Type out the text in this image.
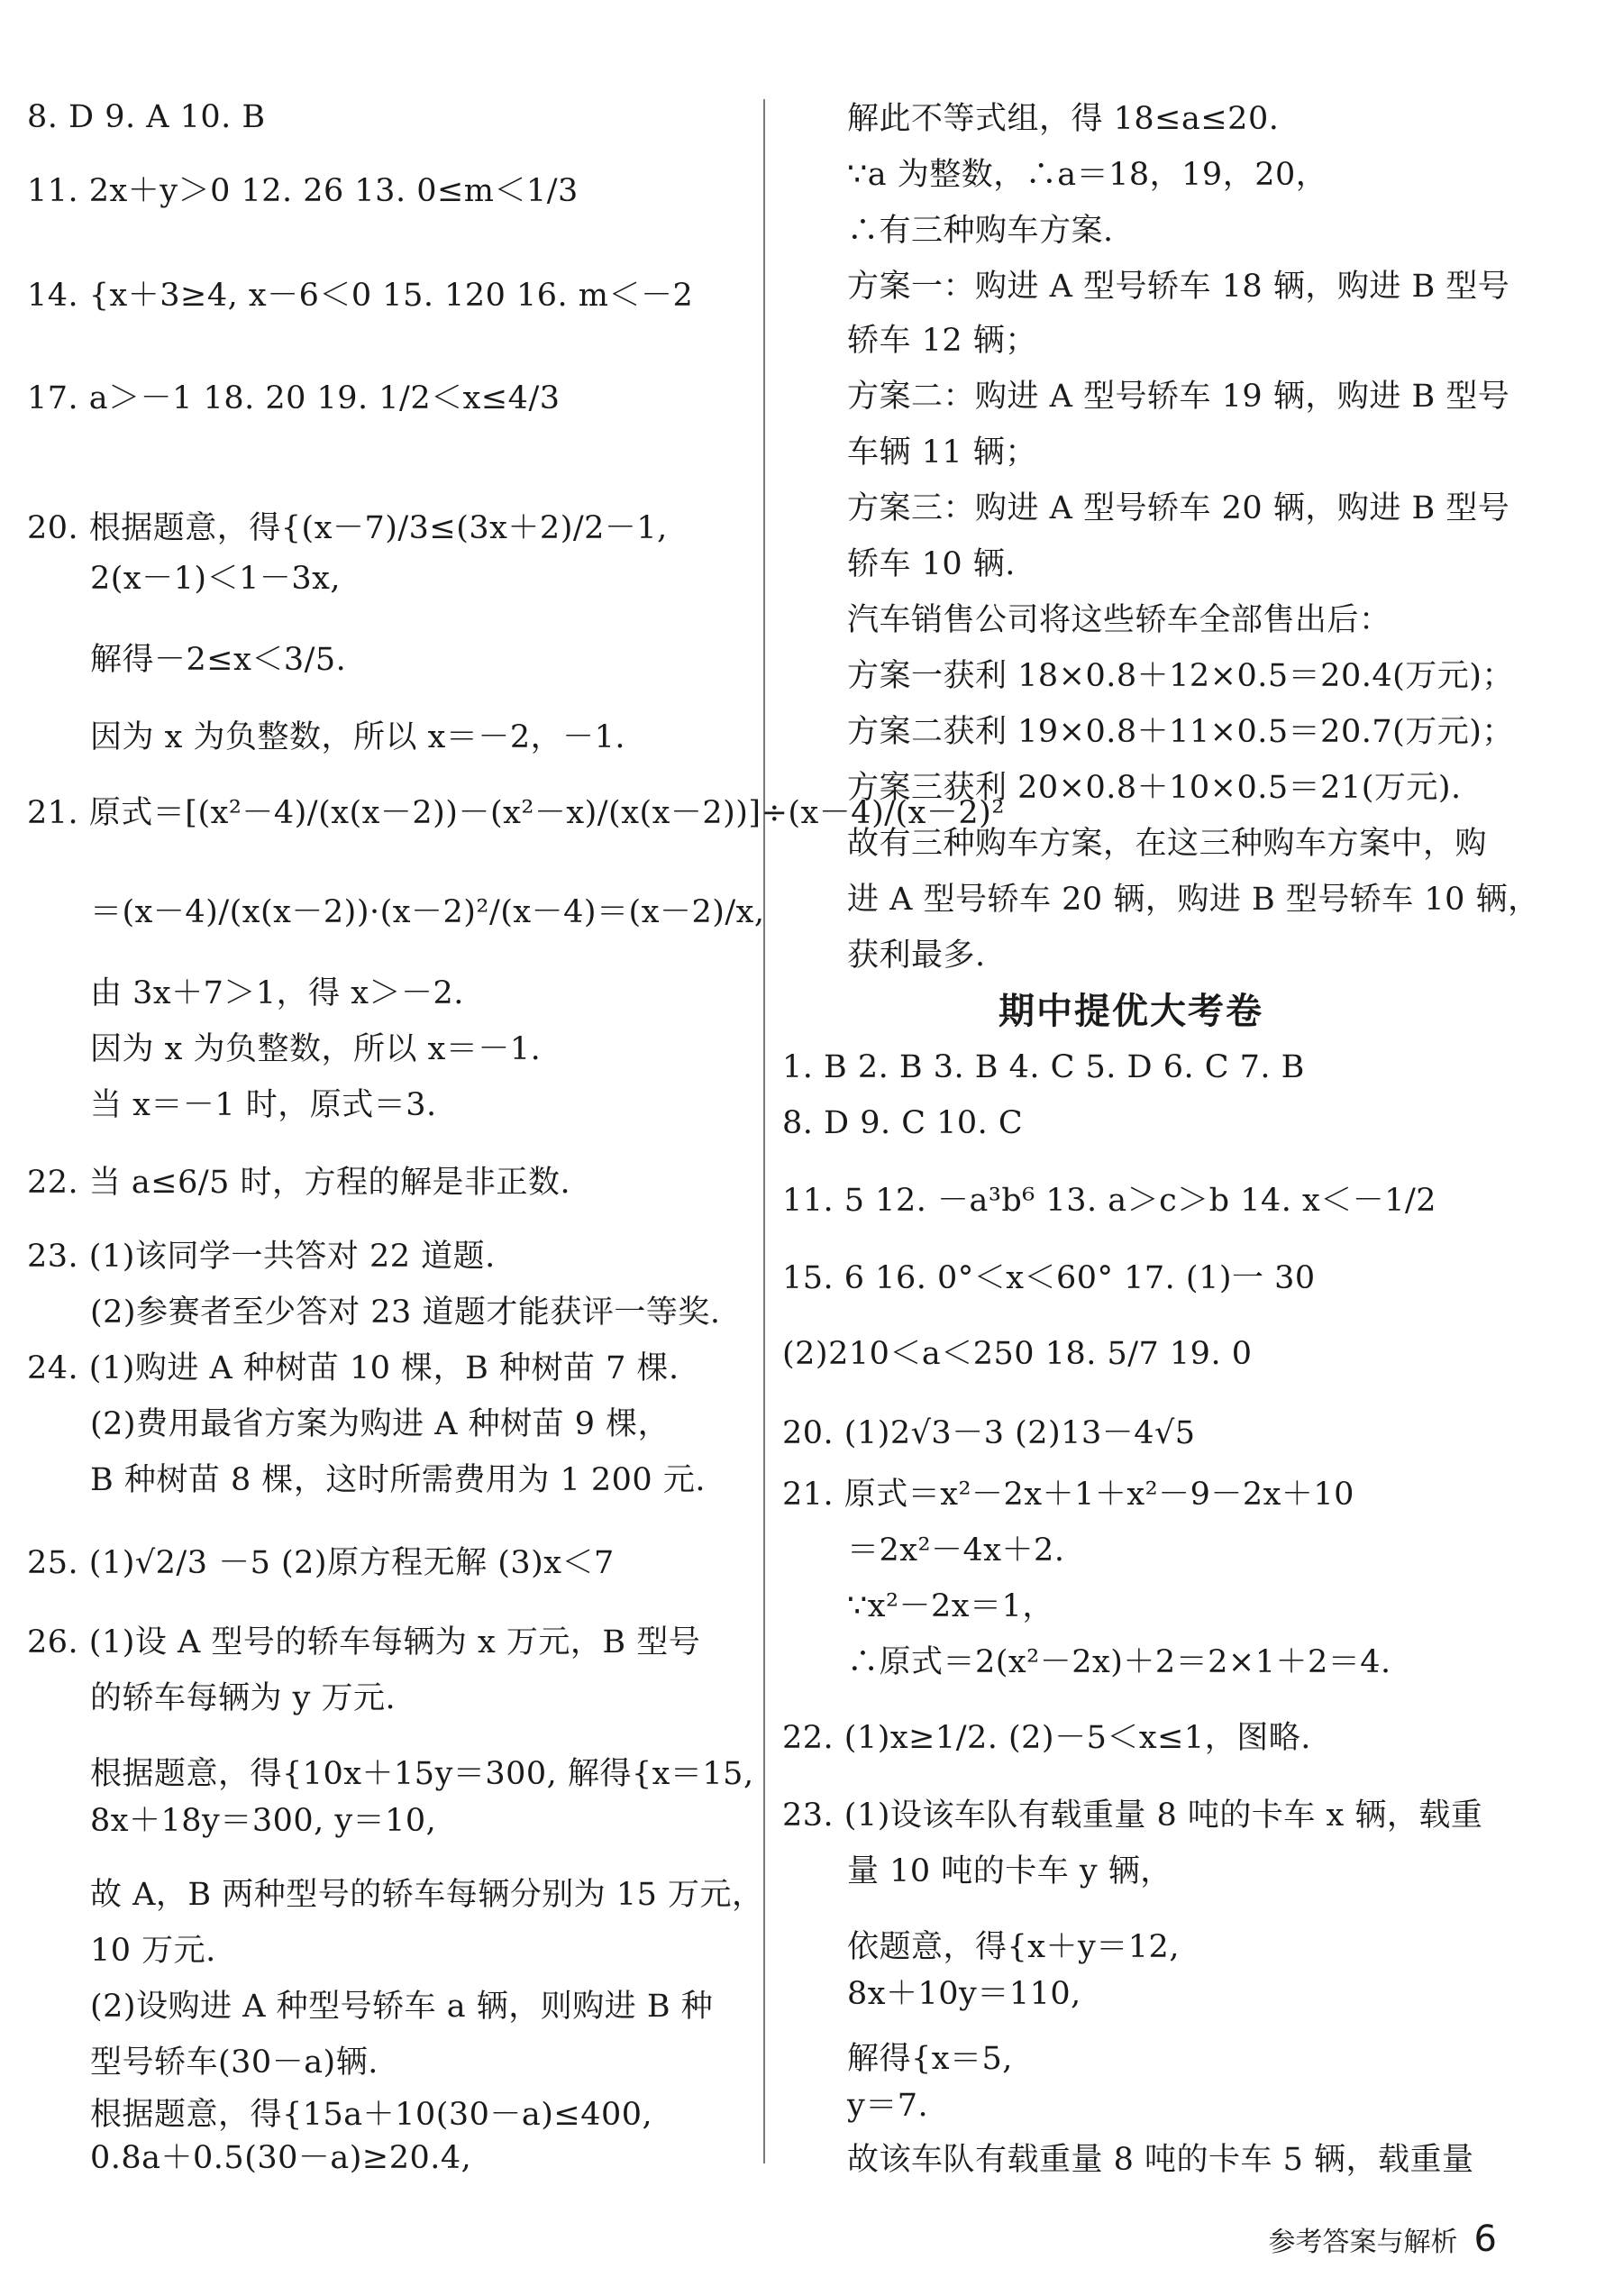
8. D 9. A 10. B
11. 2x＋y＞0 12. 26 13. 0≤m＜1/3
14. {x＋3≥4, x－6＜0 15. 120 16. m＜－2
17. a＞－1 18. 20 19. 1/2＜x≤4/3
20. 根据题意，得{(x－7)/3≤(3x＋2)/2－1,
2(x－1)＜1－3x,
解得－2≤x＜3/5.
因为 x 为负整数，所以 x＝－2，－1.
21. 原式＝[(x²－4)/(x(x－2))－(x²－x)/(x(x－2))]÷(x－4)/(x－2)²
＝(x－4)/(x(x－2))·(x－2)²/(x－4)＝(x－2)/x,
由 3x＋7＞1，得 x＞－2.
因为 x 为负整数，所以 x＝－1.
当 x＝－1 时，原式＝3.
22. 当 a≤6/5 时，方程的解是非正数.
23. (1)该同学一共答对 22 道题.
(2)参赛者至少答对 23 道题才能获评一等奖.
24. (1)购进 A 种树苗 10 棵，B 种树苗 7 棵.
(2)费用最省方案为购进 A 种树苗 9 棵，
B 种树苗 8 棵，这时所需费用为 1 200 元.
25. (1)√2/3 －5 (2)原方程无解 (3)x＜7
26. (1)设 A 型号的轿车每辆为 x 万元，B 型号
的轿车每辆为 y 万元.
根据题意，得{10x＋15y＝300, 解得{x＝15,
8x＋18y＝300, y＝10,
故 A，B 两种型号的轿车每辆分别为 15 万元，
10 万元.
(2)设购进 A 种型号轿车 a 辆，则购进 B 种
型号轿车(30－a)辆.
根据题意，得{15a＋10(30－a)≤400,
0.8a＋0.5(30－a)≥20.4,
解此不等式组，得 18≤a≤20.
∵a 为整数，∴a＝18，19，20，
∴有三种购车方案.
方案一：购进 A 型号轿车 18 辆，购进 B 型号
轿车 12 辆；
方案二：购进 A 型号轿车 19 辆，购进 B 型号
车辆 11 辆；
方案三：购进 A 型号轿车 20 辆，购进 B 型号
轿车 10 辆.
汽车销售公司将这些轿车全部售出后：
方案一获利 18×0.8＋12×0.5＝20.4(万元)；
方案二获利 19×0.8＋11×0.5＝20.7(万元)；
方案三获利 20×0.8＋10×0.5＝21(万元).
故有三种购车方案，在这三种购车方案中，购
进 A 型号轿车 20 辆，购进 B 型号轿车 10 辆，
获利最多.
期中提优大考卷
1. B 2. B 3. B 4. C 5. D 6. C 7. B
8. D 9. C 10. C
11. 5 12. －a³b⁶ 13. a＞c＞b 14. x＜－1/2
15. 6 16. 0°＜x＜60° 17. (1)一 30
(2)210＜a＜250 18. 5/7 19. 0
20. (1)2√3－3 (2)13－4√5
21. 原式＝x²－2x＋1＋x²－9－2x＋10
＝2x²－4x＋2.
∵x²－2x＝1，
∴原式＝2(x²－2x)＋2＝2×1＋2＝4.
22. (1)x≥1/2. (2)－5＜x≤1，图略.
23. (1)设该车队有载重量 8 吨的卡车 x 辆，载重
量 10 吨的卡车 y 辆，
依题意，得{x＋y＝12,
8x＋10y＝110,
解得{x＝5,
y＝7.
故该车队有载重量 8 吨的卡车 5 辆，载重量
参考答案与解析 6
